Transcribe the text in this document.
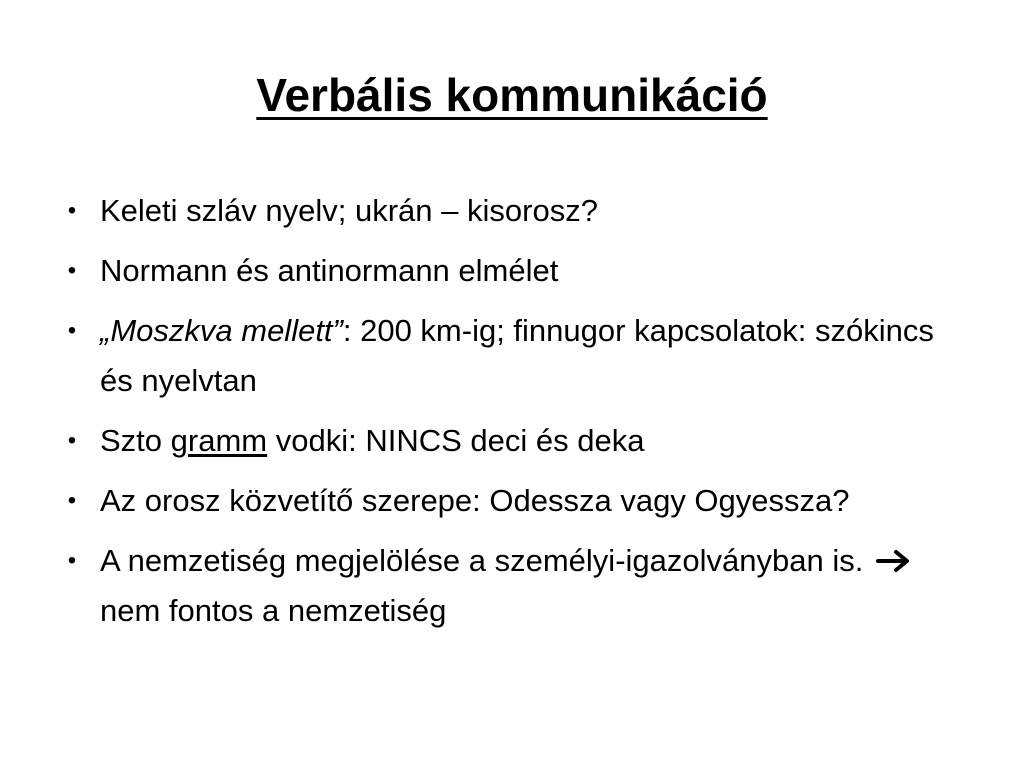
Verbális kommunikáció
• Keleti szláv nyelv; ukrán – kisorosz?
• Normann és antinormann elmélet
• „Moszkva mellett”: 200 km-ig; finnugor kapcsolatok: szókincs és nyelvtan
• Szto gramm vodki: NINCS deci és deka
• Az orosz közvetítő szerepe: Odessza vagy Ogyessza?
• A nemzetiség megjelölése a személyi-igazolványban is.  nem fontos a nemzetiség
